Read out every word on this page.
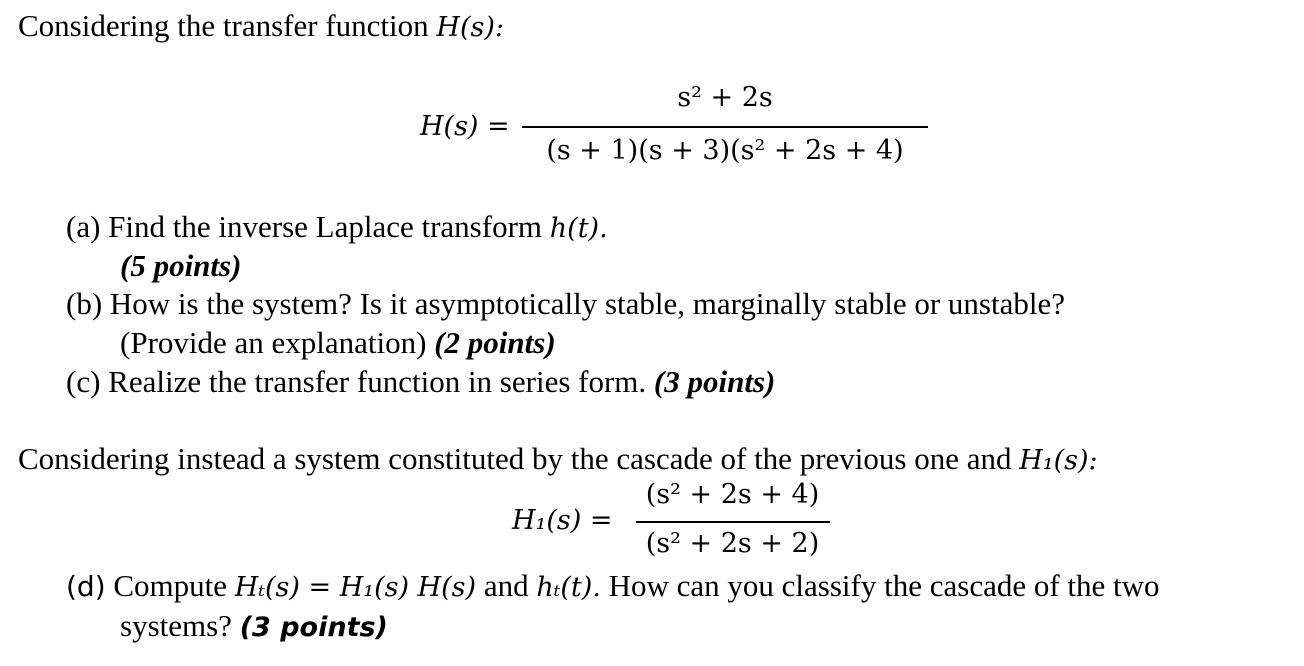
Considering the transfer function H(s):
H(s) =
s² + 2s
(s + 1)(s + 3)(s² + 2s + 4)
(a) Find the inverse Laplace transform h(t).
(5 points)
(b) How is the system? Is it asymptotically stable, marginally stable or unstable?
(Provide an explanation) (2 points)
(c) Realize the transfer function in series form. (3 points)
Considering instead a system constituted by the cascade of the previous one and H₁(s):
H₁(s) =
(s² + 2s + 4)
(s² + 2s + 2)
(d) Compute Hₜ(s) = H₁(s) H(s) and hₜ(t). How can you classify the cascade of the two
systems? (3 points)
